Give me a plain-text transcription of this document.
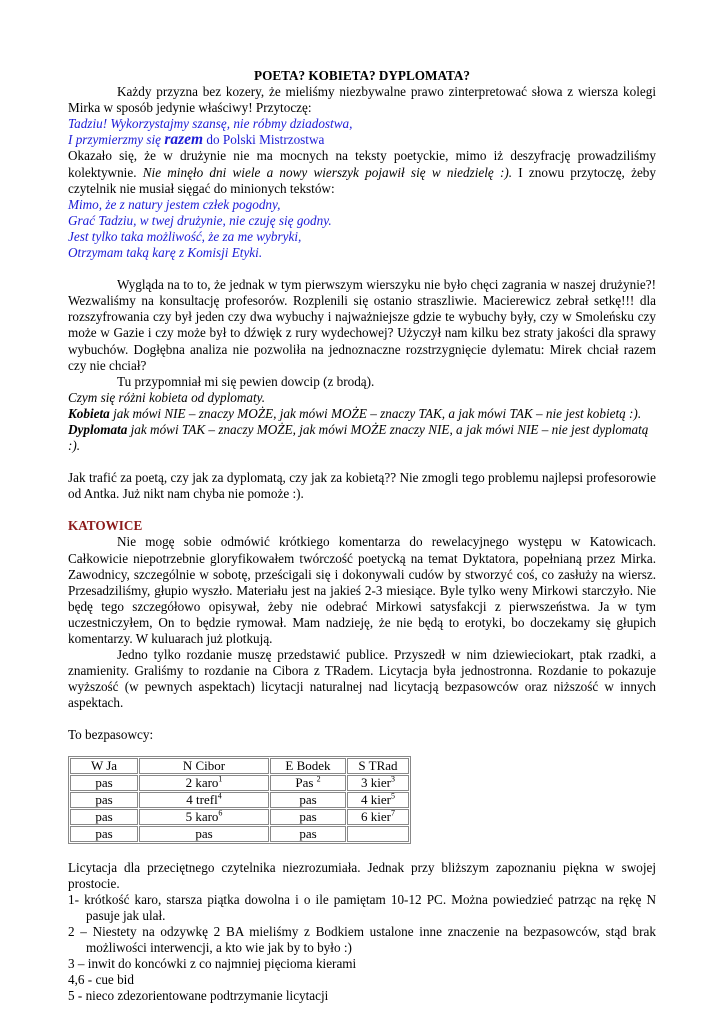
POETA? KOBIETA? DYPLOMATA?

Każdy przyzna bez kozery, że mieliśmy niezbywalne prawo zinterpretować słowa z wiersza kolegi Mirka w sposób jedynie właściwy! Przytoczę:

Tadziu! Wykorzystajmy szansę, nie róbmy dziadostwa,
I przymierzmy się razem do Polski Mistrzostwa

Okazało się, że w drużynie nie ma mocnych na teksty poetyckie, mimo iż deszyfrację prowadziliśmy kolektywnie. Nie minęło dni wiele a nowy wierszyk pojawił się w niedzielę :). I znowu przytoczę, żeby czytelnik nie musiał sięgać do minionych tekstów:

Mimo, że z natury jestem człek pogodny,
Grać Tadziu, w twej drużynie, nie czuję się godny.
Jest tylko taka możliwość, że za me wybryki,
Otrzymam taką karę z Komisji Etyki.

Wygląda na to to, że jednak w tym pierwszym wierszyku nie było chęci zagrania w naszej drużynie?! Wezwaliśmy na konsultację profesorów. Rozplenili się ostanio straszliwie. Macierewicz zebrał setkę!!! dla rozszyfrowania czy był jeden czy dwa wybuchy i najważniejsze gdzie te wybuchy były, czy w Smoleńsku czy może w Gazie i czy może był to dźwięk z rury wydechowej? Użyczył nam kilku bez straty jakości dla sprawy wybuchów. Dogłębna analiza nie pozwoliła na jednoznaczne rozstrzygnięcie dylematu: Mirek chciał razem czy nie chciał?

Tu przypomniał mi się pewien dowcip (z brodą).

Czym się różni kobieta od dyplomaty.
Kobieta jak mówi NIE – znaczy MOŻE, jak mówi MOŻE – znaczy TAK, a jak mówi TAK – nie jest kobietą :).
Dyplomata jak mówi TAK – znaczy MOŻE, jak mówi MOŻE znaczy NIE, a jak mówi NIE – nie jest dyplomatą :).

Jak trafić za poetą, czy jak za dyplomatą, czy jak za kobietą?? Nie zmogli tego problemu najlepsi profesorowie od Antka. Już nikt nam chyba nie pomoże :).

KATOWICE

Nie mogę sobie odmówić krótkiego komentarza do rewelacyjnego występu w Katowicach. Całkowicie niepotrzebnie gloryfikowałem twórczość poetycką na temat Dyktatora, popełnianą przez Mirka. Zawodnicy, szczególnie w sobotę, prześcigali się i dokonywali cudów by stworzyć coś, co zasłuży na wiersz. Przesadziliśmy, głupio wyszło. Materiału jest na jakieś 2-3 miesiące. Byle tylko weny Mirkowi starczyło. Nie będę tego szczegółowo opisywał, żeby nie odebrać Mirkowi satysfakcji z pierwszeństwa. Ja w tym uczestniczyłem, On to będzie rymował. Mam nadzieję, że nie będą to erotyki, bo doczekamy się głupich komentarzy. W kuluarach już plotkują.

Jedno tylko rozdanie muszę przedstawić publice. Przyszedł w nim dziewieciokart, ptak rzadki, a znamienity. Graliśmy to rozdanie na Cibora z TRadem. Licytacja była jednostronna. Rozdanie to pokazuje wyższość (w pewnych aspektach) licytacji naturalnej nad licytacją bezpasowców oraz niższość w innych aspektach.

To bezpasowcy:

W Ja	N Cibor	E Bodek	S TRad
pas	2 karo$^1$	Pas $^2$	3 kier$^3$
pas	4 trefl$^4$	pas	4 kier$^5$
pas	5 karo$^6$	pas	6 kier$^7$
pas	pas	pas	

Licytacja dla przeciętnego czytelnika niezrozumiała. Jednak przy bliższym zapoznaniu piękna w swojej prostocie.

1- krótkość karo, starsza piątka dowolna i o ile pamiętam 10-12 PC. Można powiedzieć patrząc na rękę N pasuje jak ulał.
2 – Niestety na odzywkę 2 BA mieliśmy z Bodkiem ustalone inne znaczenie na bezpasowców, stąd brak możliwości interwencji, a kto wie jak by to było :)
3 – inwit do koncówki z co najmniej pięcioma kierami
4,6 - cue bid
5 - nieco zdezorientowane podtrzymanie licytacji
